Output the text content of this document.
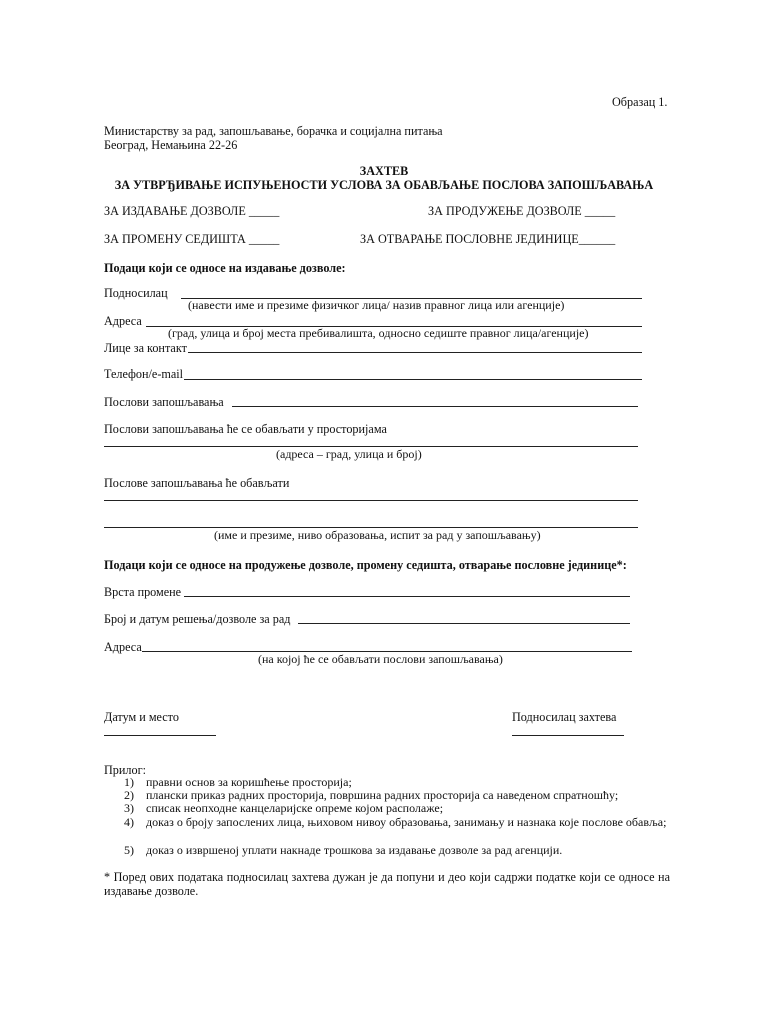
Образац 1.
Министарству за рад, запошљавање, борачка и социјална питања
Београд, Немањина 22-26
ЗАХТЕВ
ЗА УТВРЂИВАЊЕ ИСПУЊЕНОСТИ УСЛОВА ЗА ОБАВЉАЊЕ ПОСЛОВА ЗАПОШЉАВАЊА
ЗА ИЗДАВАЊЕ ДОЗВОЛЕ _____	ЗА ПРОДУЖЕЊЕ ДОЗВОЛЕ _____
ЗА ПРОМЕНУ СЕДИШТА _____	ЗА ОТВАРАЊЕ ПОСЛОВНЕ ЈЕДИНИЦЕ______
Подаци који се односе на издавање дозволе:
Подносилац
(навести име и презиме физичког лица/ назив правног лица или агенције)
Адреса
(град, улица и број места пребивалишта, односно седиште правног лица/агенције)
Лице за контакт
Телефон/e-mail
Послови запошљавања
Послови запошљавања ће се обављати у просторијама
(адреса – град, улица и број)
Послове запошљавања ће обављати
(име и презиме, ниво образовања, испит за рад у запошљавању)
Подаци који се односе на продужење дозволе, промену седишта, отварање пословне јединице*:
Врста промене
Број и датум решења/дозволе за рад
Адреса
(на којој ће се обављати послови запошљавања)
Датум и место	Подносилац захтева
Прилог:
1)	правни основ за коришћење просторија;
2)	плански приказ радних просторија, површина радних просторија са наведеном спратношћу;
3)	списак неопходне канцеларијске опреме којом располаже;
4)	доказ о броју запослених лица, њиховом нивоу образовања, занимању и назнака које послове обавља;
5)	доказ о извршеној уплати накнаде трошкова за издавање дозволе за рад агенцији.
* Поред ових података подносилац захтева дужан је да попуни и део који садржи податке који се односе на издавање дозволе.
